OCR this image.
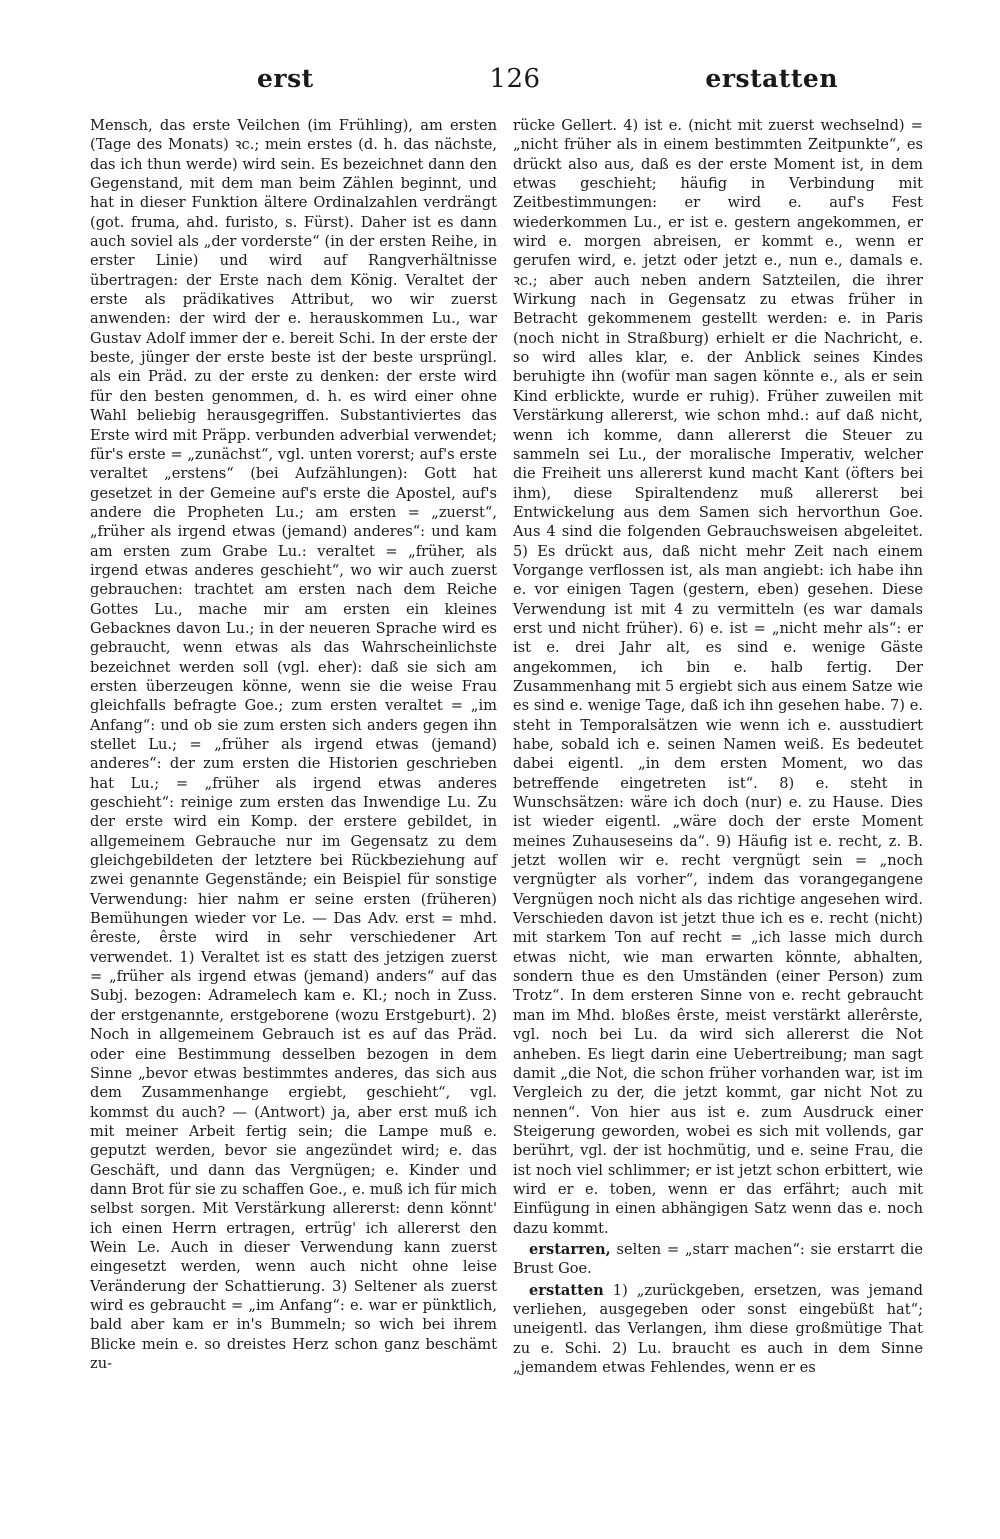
126
erst	erstatten

Mensch, das erste Veilchen (im Frühling), am ersten (Tage des Monats) ꝛc.; mein erstes (d. h. das nächste, das ich thun werde) wird sein. Es bezeichnet dann den Gegenstand, mit dem man beim Zählen beginnt, und hat in dieser Funktion ältere Ordinalzahlen verdrängt (got. fruma, ahd. furisto, s. Fürst). Daher ist es dann auch soviel als „der vorderste“ (in der ersten Reihe, in erster Linie) und wird auf Rangverhältnisse übertragen: der Erste nach dem König. Veraltet der erste als prädikatives Attribut, wo wir zuerst anwenden: der wird der e. herauskommen Lu., war Gustav Adolf immer der e. bereit Schi. In der erste der beste, jünger der erste beste ist der beste ursprüngl. als ein Präd. zu der erste zu denken: der erste wird für den besten genommen, d. h. es wird einer ohne Wahl beliebig herausgegriffen. Substantiviertes das Erste wird mit Präpp. verbunden adverbial verwendet; für's erste = „zunächst“, vgl. unten vorerst; auf's erste veraltet „erstens“ (bei Aufzählungen): Gott hat gesetzet in der Gemeine auf's erste die Apostel, auf's andere die Propheten Lu.; am ersten = „zuerst“, „früher als irgend etwas (jemand) anderes“: und kam am ersten zum Grabe Lu.: veraltet = „früher, als irgend etwas anderes geschieht“, wo wir auch zuerst gebrauchen: trachtet am ersten nach dem Reiche Gottes Lu., mache mir am ersten ein kleines Gebacknes davon Lu.; in der neueren Sprache wird es gebraucht, wenn etwas als das Wahrscheinlichste bezeichnet werden soll (vgl. eher): daß sie sich am ersten überzeugen könne, wenn sie die weise Frau gleichfalls befragte Goe.; zum ersten veraltet = „im Anfang“: und ob sie zum ersten sich anders gegen ihn stellet Lu.; = „früher als irgend etwas (jemand) anderes“: der zum ersten die Historien geschrieben hat Lu.; = „früher als irgend etwas anderes geschieht“: reinige zum ersten das Inwendige Lu. Zu der erste wird ein Komp. der erstere gebildet, in allgemeinem Gebrauche nur im Gegensatz zu dem gleichgebildeten der letztere bei Rückbeziehung auf zwei genannte Gegenstände; ein Beispiel für sonstige Verwendung: hier nahm er seine ersten (früheren) Bemühungen wieder vor Le. — Das Adv. erst = mhd. êreste, êrste wird in sehr verschiedener Art verwendet. 1) Veraltet ist es statt des jetzigen zuerst = „früher als irgend etwas (jemand) anders“ auf das Subj. bezogen: Adramelech kam e. Kl.; noch in Zuss. der erstgenannte, erstgeborene (wozu Erstgeburt). 2) Noch in allgemeinem Gebrauch ist es auf das Präd. oder eine Bestimmung desselben bezogen in dem Sinne „bevor etwas bestimmtes anderes, das sich aus dem Zusammenhange ergiebt, geschieht“, vgl. kommst du auch? — (Antwort) ja, aber erst muß ich mit meiner Arbeit fertig sein; die Lampe muß e. geputzt werden, bevor sie angezündet wird; e. das Geschäft, und dann das Vergnügen; e. Kinder und dann Brot für sie zu schaffen Goe., e. muß ich für mich selbst sorgen. Mit Verstärkung allererst: denn könnt' ich einen Herrn ertragen, ertrüg' ich allererst den Wein Le. Auch in dieser Verwendung kann zuerst eingesetzt werden, wenn auch nicht ohne leise Veränderung der Schattierung. 3) Seltener als zuerst wird es gebraucht = „im Anfang“: e. war er pünktlich, bald aber kam er in's Bummeln; so wich bei ihrem Blicke mein e. so dreistes Herz schon ganz beschämt zu-

rücke Gellert. 4) ist e. (nicht mit zuerst wechselnd) = „nicht früher als in einem bestimmten Zeitpunkte“, es drückt also aus, daß es der erste Moment ist, in dem etwas geschieht; häufig in Verbindung mit Zeitbestimmungen: er wird e. auf's Fest wiederkommen Lu., er ist e. gestern angekommen, er wird e. morgen abreisen, er kommt e., wenn er gerufen wird, e. jetzt oder jetzt e., nun e., damals e. ꝛc.; aber auch neben andern Satzteilen, die ihrer Wirkung nach in Gegensatz zu etwas früher in Betracht gekommenem gestellt werden: e. in Paris (noch nicht in Straßburg) erhielt er die Nachricht, e. so wird alles klar, e. der Anblick seines Kindes beruhigte ihn (wofür man sagen könnte e., als er sein Kind erblickte, wurde er ruhig). Früher zuweilen mit Verstärkung allererst, wie schon mhd.: auf daß nicht, wenn ich komme, dann allererst die Steuer zu sammeln sei Lu., der moralische Imperativ, welcher die Freiheit uns allererst kund macht Kant (öfters bei ihm), diese Spiraltendenz muß allererst bei Entwickelung aus dem Samen sich hervorthun Goe. Aus 4 sind die folgenden Gebrauchsweisen abgeleitet. 5) Es drückt aus, daß nicht mehr Zeit nach einem Vorgange verflossen ist, als man angiebt: ich habe ihn e. vor einigen Tagen (gestern, eben) gesehen. Diese Verwendung ist mit 4 zu vermitteln (es war damals erst und nicht früher). 6) e. ist = „nicht mehr als“: er ist e. drei Jahr alt, es sind e. wenige Gäste angekommen, ich bin e. halb fertig. Der Zusammenhang mit 5 ergiebt sich aus einem Satze wie es sind e. wenige Tage, daß ich ihn gesehen habe. 7) e. steht in Temporalsätzen wie wenn ich e. ausstudiert habe, sobald ich e. seinen Namen weiß. Es bedeutet dabei eigentl. „in dem ersten Moment, wo das betreffende eingetreten ist“. 8) e. steht in Wunschsätzen: wäre ich doch (nur) e. zu Hause. Dies ist wieder eigentl. „wäre doch der erste Moment meines Zuhauseseins da“. 9) Häufig ist e. recht, z. B. jetzt wollen wir e. recht vergnügt sein = „noch vergnügter als vorher“, indem das vorangegangene Vergnügen noch nicht als das richtige angesehen wird. Verschieden davon ist jetzt thue ich es e. recht (nicht) mit starkem Ton auf recht = „ich lasse mich durch etwas nicht, wie man erwarten könnte, abhalten, sondern thue es den Umständen (einer Person) zum Trotz“. In dem ersteren Sinne von e. recht gebraucht man im Mhd. bloßes êrste, meist verstärkt allerêrste, vgl. noch bei Lu. da wird sich allererst die Not anheben. Es liegt darin eine Uebertreibung; man sagt damit „die Not, die schon früher vorhanden war, ist im Vergleich zu der, die jetzt kommt, gar nicht Not zu nennen“. Von hier aus ist e. zum Ausdruck einer Steigerung geworden, wobei es sich mit vollends, gar berührt, vgl. der ist hochmütig, und e. seine Frau, die ist noch viel schlimmer; er ist jetzt schon erbittert, wie wird er e. toben, wenn er das erfährt; auch mit Einfügung in einen abhängigen Satz wenn das e. noch dazu kommt.

erstarren, selten = „starr machen“: sie erstarrt die Brust Goe.

erstatten 1) „zurückgeben, ersetzen, was jemand verliehen, ausgegeben oder sonst eingebüßt hat“; uneigentl. das Verlangen, ihm diese großmütige That zu e. Schi. 2) Lu. braucht es auch in dem Sinne „jemandem etwas Fehlendes, wenn er es
